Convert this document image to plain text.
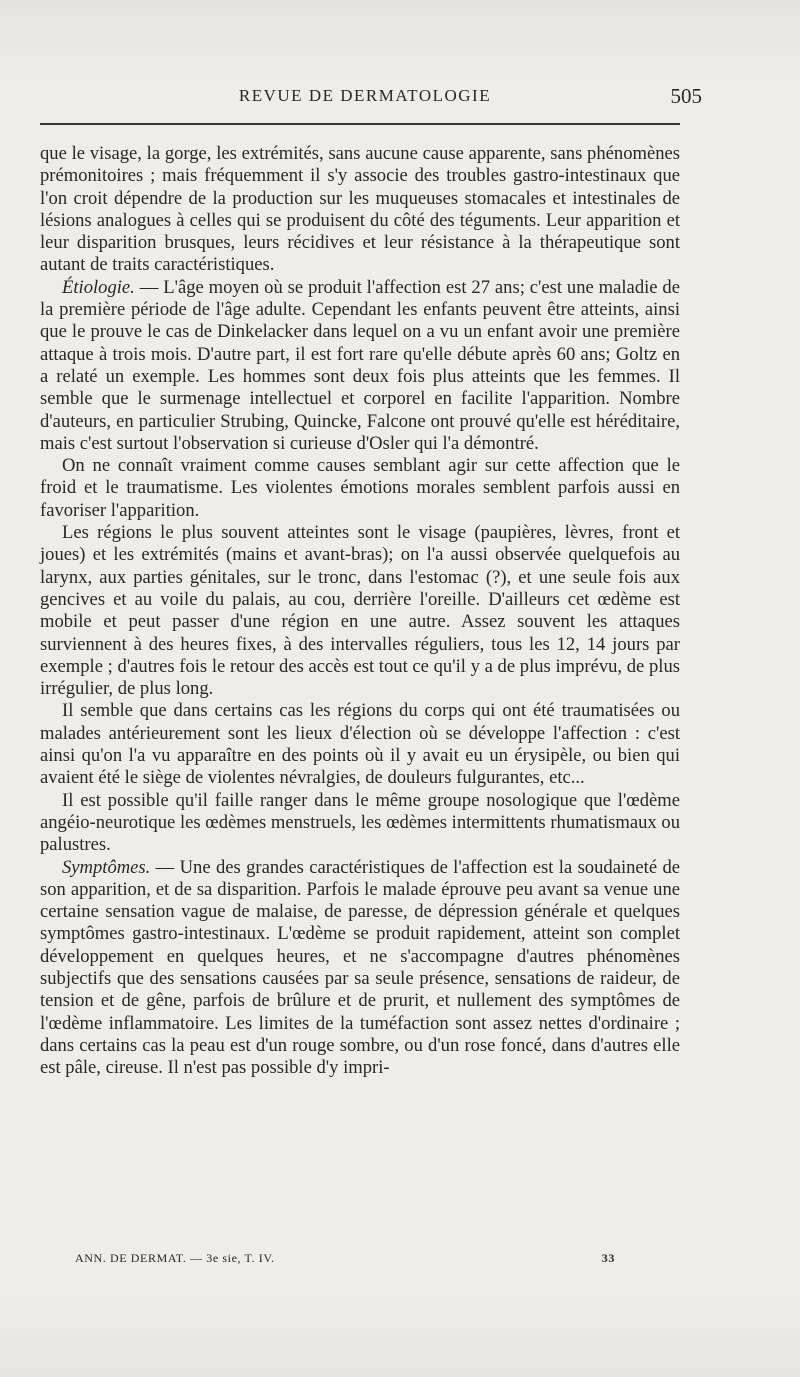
REVUE DE DERMATOLOGIE	505

que le visage, la gorge, les extrémités, sans aucune cause apparente, sans phénomènes prémonitoires ; mais fréquemment il s'y associe des troubles gastro-intestinaux que l'on croit dépendre de la production sur les muqueuses stomacales et intestinales de lésions analogues à celles qui se produisent du côté des téguments. Leur apparition et leur disparition brusques, leurs récidives et leur résistance à la thérapeutique sont autant de traits caractéristiques.

Étiologie. — L'âge moyen où se produit l'affection est 27 ans; c'est une maladie de la première période de l'âge adulte. Cependant les enfants peuvent être atteints, ainsi que le prouve le cas de Dinkelacker dans lequel on a vu un enfant avoir une première attaque à trois mois. D'autre part, il est fort rare qu'elle débute après 60 ans; Goltz en a relaté un exemple. Les hommes sont deux fois plus atteints que les femmes. Il semble que le surmenage intellectuel et corporel en facilite l'apparition. Nombre d'auteurs, en particulier Strubing, Quincke, Falcone ont prouvé qu'elle est héréditaire, mais c'est surtout l'observation si curieuse d'Osler qui l'a démontré.

On ne connaît vraiment comme causes semblant agir sur cette affection que le froid et le traumatisme. Les violentes émotions morales semblent parfois aussi en favoriser l'apparition.

Les régions le plus souvent atteintes sont le visage (paupières, lèvres, front et joues) et les extrémités (mains et avant-bras); on l'a aussi observée quelquefois au larynx, aux parties génitales, sur le tronc, dans l'estomac (?), et une seule fois aux gencives et au voile du palais, au cou, derrière l'oreille. D'ailleurs cet œdème est mobile et peut passer d'une région en une autre. Assez souvent les attaques surviennent à des heures fixes, à des intervalles réguliers, tous les 12, 14 jours par exemple ; d'autres fois le retour des accès est tout ce qu'il y a de plus imprévu, de plus irrégulier, de plus long.

Il semble que dans certains cas les régions du corps qui ont été traumatisées ou malades antérieurement sont les lieux d'élection où se développe l'affection : c'est ainsi qu'on l'a vu apparaître en des points où il y avait eu un érysipèle, ou bien qui avaient été le siège de violentes névralgies, de douleurs fulgurantes, etc...

Il est possible qu'il faille ranger dans le même groupe nosologique que l'œdème angéio-neurotique les œdèmes menstruels, les œdèmes intermittents rhumatismaux ou palustres.

Symptômes. — Une des grandes caractéristiques de l'affection est la soudaineté de son apparition, et de sa disparition. Parfois le malade éprouve peu avant sa venue une certaine sensation vague de malaise, de paresse, de dépression générale et quelques symptômes gastro-intestinaux. L'œdème se produit rapidement, atteint son complet développement en quelques heures, et ne s'accompagne d'autres phénomènes subjectifs que des sensations causées par sa seule présence, sensations de raideur, de tension et de gêne, parfois de brûlure et de prurit, et nullement des symptômes de l'œdème inflammatoire. Les limites de la tuméfaction sont assez nettes d'ordinaire ; dans certains cas la peau est d'un rouge sombre, ou d'un rose foncé, dans d'autres elle est pâle, cireuse. Il n'est pas possible d'y impri-

ANN. DE DERMAT. — 3e sie, T. IV.	33
